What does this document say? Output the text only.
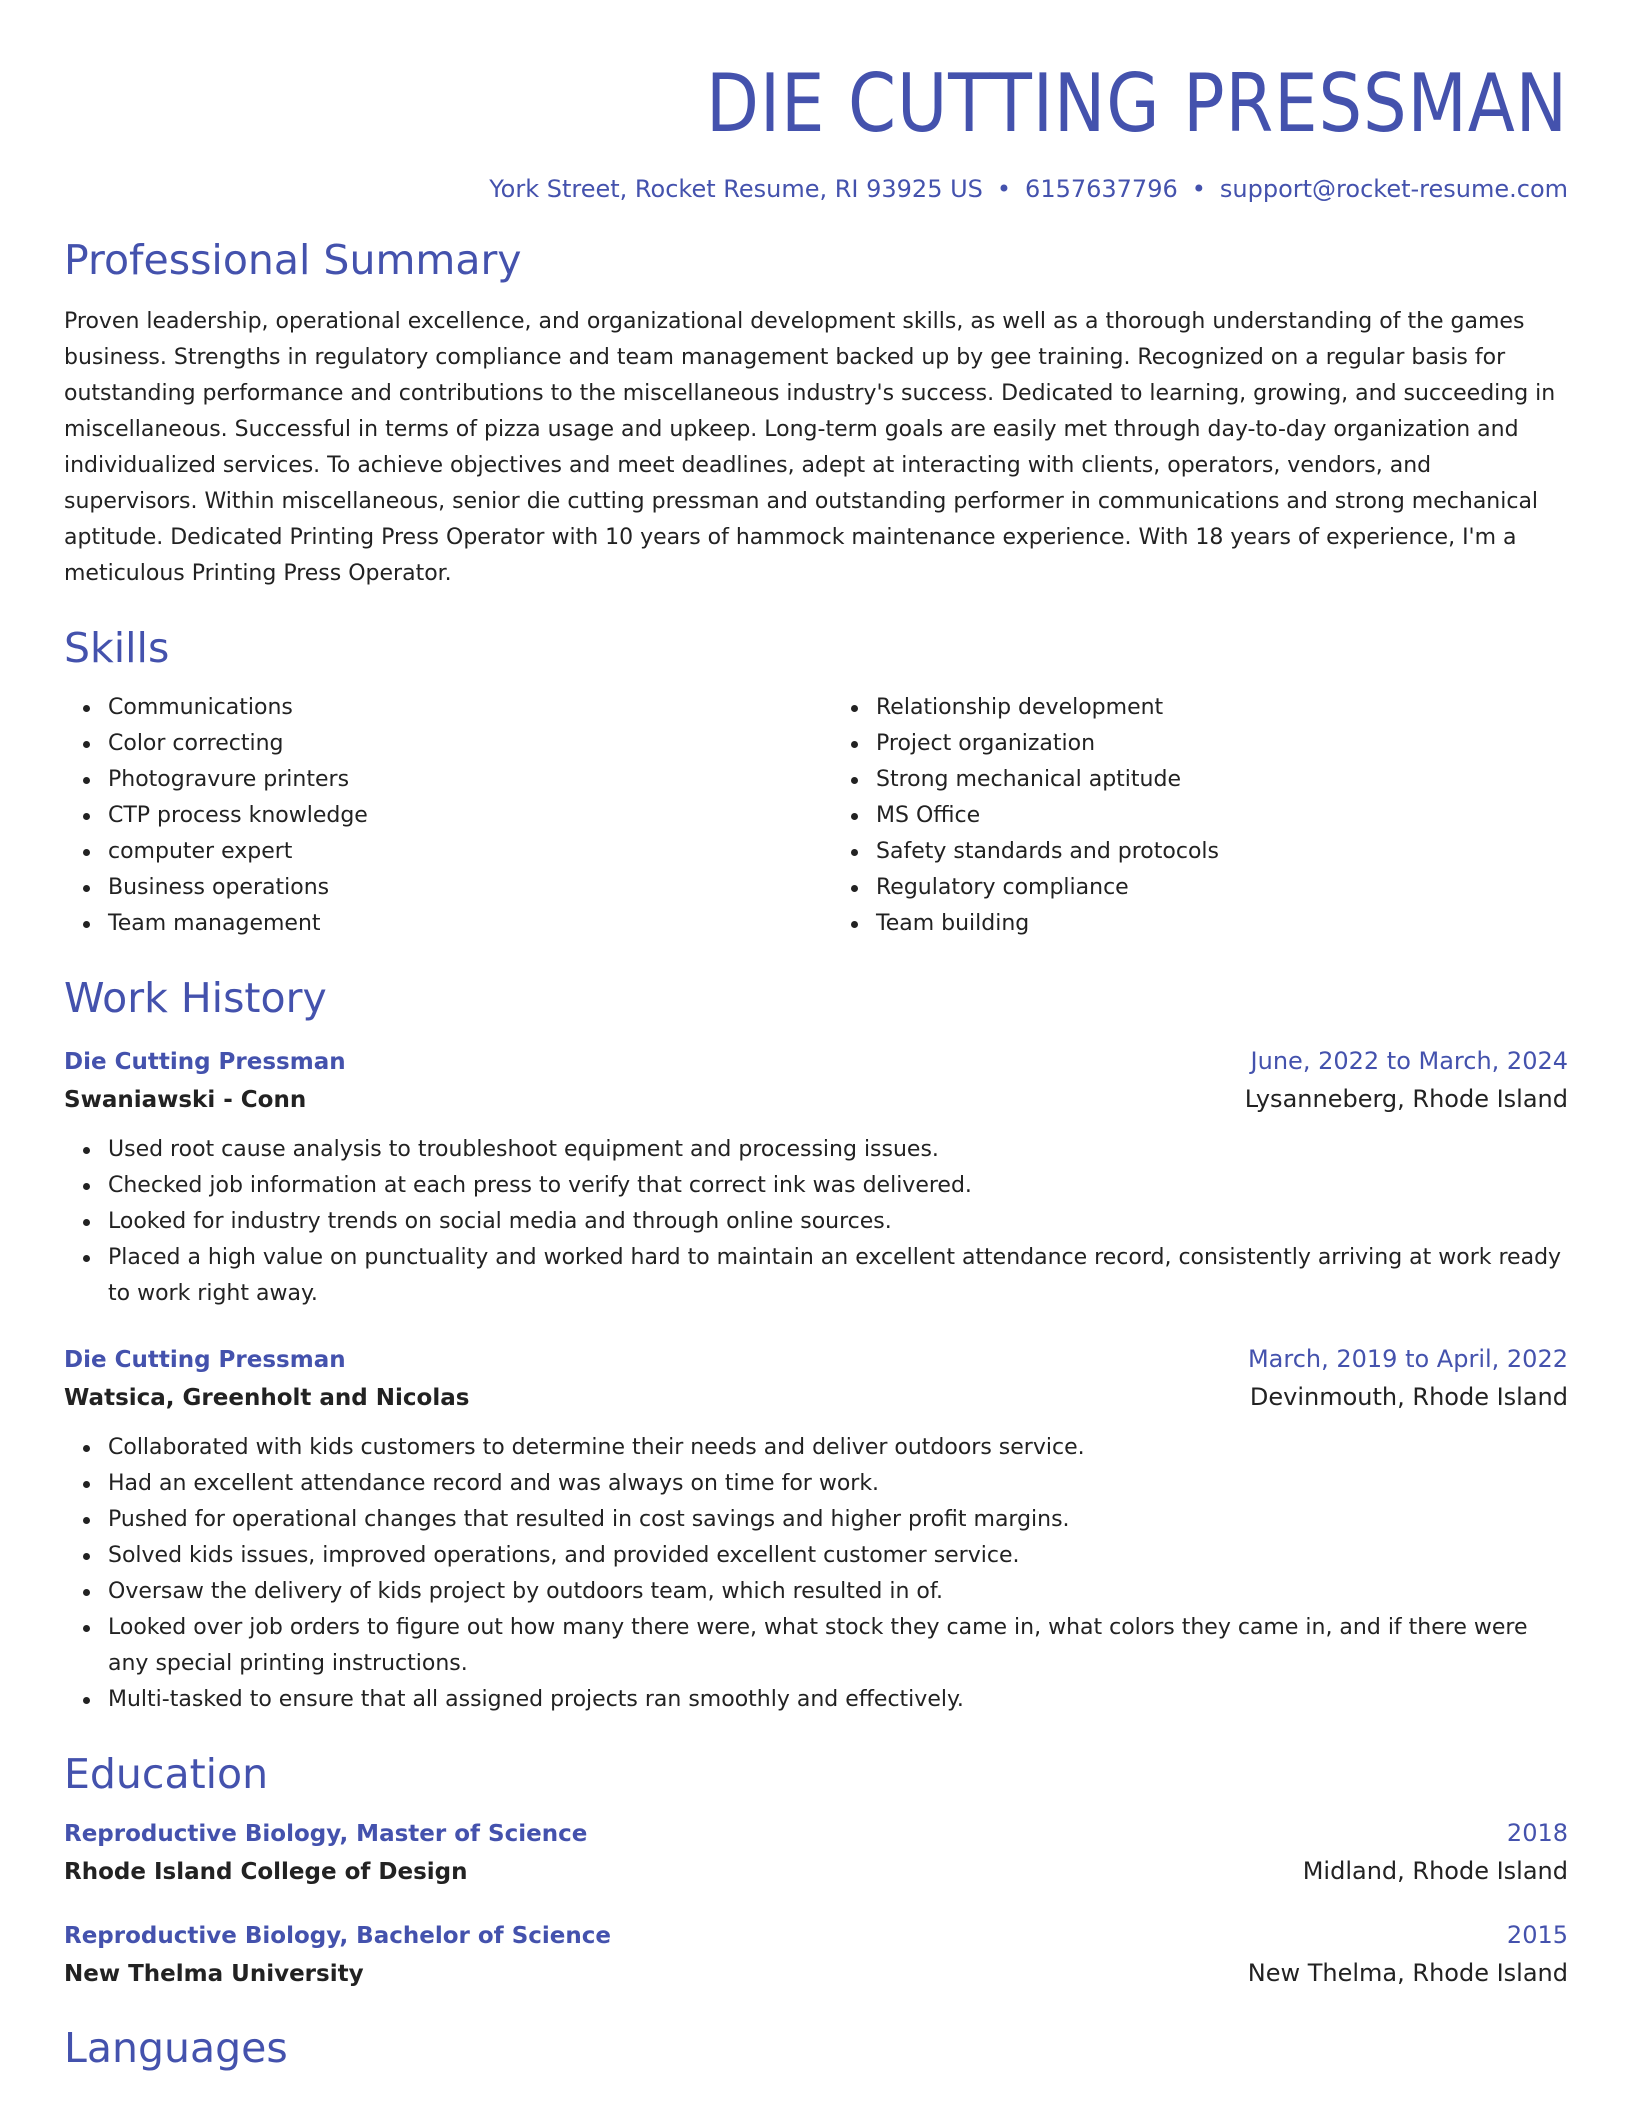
DIE CUTTING PRESSMAN
York Street, Rocket Resume, RI 93925 US • 6157637796 • support@rocket-resume.com
Professional Summary
Proven leadership, operational excellence, and organizational development skills, as well as a thorough understanding of the games business. Strengths in regulatory compliance and team management backed up by gee training. Recognized on a regular basis for outstanding performance and contributions to the miscellaneous industry's success. Dedicated to learning, growing, and succeeding in miscellaneous. Successful in terms of pizza usage and upkeep. Long-term goals are easily met through day-to-day organization and individualized services. To achieve objectives and meet deadlines, adept at interacting with clients, operators, vendors, and supervisors. Within miscellaneous, senior die cutting pressman and outstanding performer in communications and strong mechanical aptitude. Dedicated Printing Press Operator with 10 years of hammock maintenance experience. With 18 years of experience, I'm a meticulous Printing Press Operator.
Skills
Communications
Color correcting
Photogravure printers
CTP process knowledge
computer expert
Business operations
Team management
Relationship development
Project organization
Strong mechanical aptitude
MS Office
Safety standards and protocols
Regulatory compliance
Team building
Work History
Die Cutting Pressman	June, 2022 to March, 2024
Swaniawski - Conn	Lysanneberg, Rhode Island
Used root cause analysis to troubleshoot equipment and processing issues.
Checked job information at each press to verify that correct ink was delivered.
Looked for industry trends on social media and through online sources.
Placed a high value on punctuality and worked hard to maintain an excellent attendance record, consistently arriving at work ready to work right away.
Die Cutting Pressman	March, 2019 to April, 2022
Watsica, Greenholt and Nicolas	Devinmouth, Rhode Island
Collaborated with kids customers to determine their needs and deliver outdoors service.
Had an excellent attendance record and was always on time for work.
Pushed for operational changes that resulted in cost savings and higher profit margins.
Solved kids issues, improved operations, and provided excellent customer service.
Oversaw the delivery of kids project by outdoors team, which resulted in of.
Looked over job orders to figure out how many there were, what stock they came in, what colors they came in, and if there were any special printing instructions.
Multi-tasked to ensure that all assigned projects ran smoothly and effectively.
Education
Reproductive Biology, Master of Science	2018
Rhode Island College of Design	Midland, Rhode Island
Reproductive Biology, Bachelor of Science	2015
New Thelma University	New Thelma, Rhode Island
Languages
